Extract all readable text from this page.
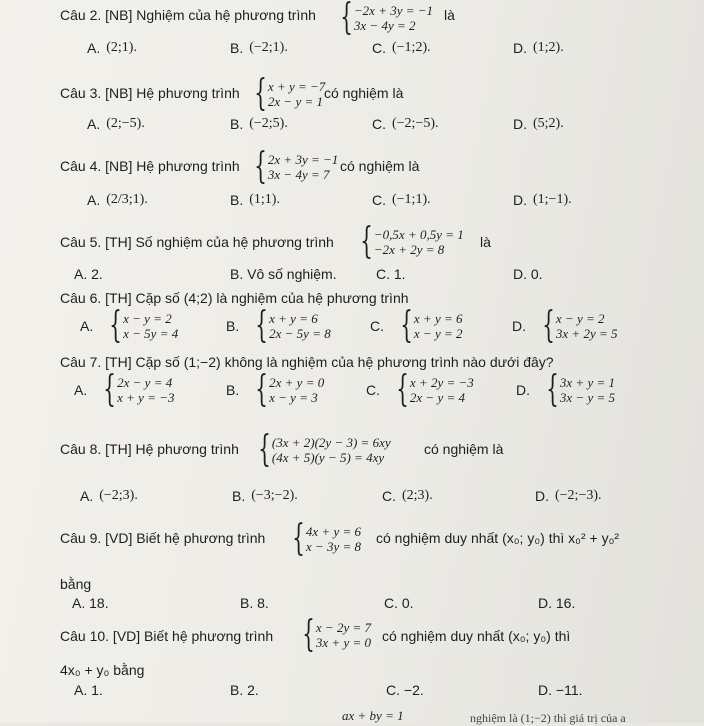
Câu 2. [NB] Nghiệm của hệ phương trình { −2x + 3y = −1
3x − 4y = 2
là
A. (2;1).	B. (−2;1).	C. (−1;2).	D. (1;2).
Câu 3. [NB] Hệ phương trình { x + y = −7
2x − y = 1
có nghiệm là
A. (2;−5).	B. (−2;5).	C. (−2;−5).	D. (5;2).
Câu 4. [NB] Hệ phương trình { 2x + 3y = −1
3x − 4y = 7
có nghiệm là
A. (2/3;1).	B. (1;1).	C. (−1;1).	D. (1;−1).
Câu 5. [TH] Số nghiệm của hệ phương trình { −0,5x + 0,5y = 1
−2x + 2y = 8	là
A. 2.	B. Vô số nghiệm.	C. 1.	D. 0.
Câu 6. [TH] Cặp số (4;2) là nghiệm của hệ phương trình
A. { x − y = 2
x − 5y = 4	B. { x + y = 6
2x − 5y = 8	C. { x + y = 6
x − y = 2	D. { x − y = 2
3x + 2y = 5
Câu 7. [TH] Cặp số (1;−2) không là nghiệm của hệ phương trình nào dưới đây?
A. { 2x − y = 4
x + y = −3	B. { 2x + y = 0
x − y = 3	C. { x + 2y = −3
2x − y = 4	D. { 3x + y = 1
3x − y = 5
Câu 8. [TH] Hệ phương trình { (3x + 2)(2y − 3) = 6xy
(4x + 5)(y − 5) = 4xy
có nghiệm là
A. (−2;3).	B. (−3;−2).	C. (2;3).	D. (−2;−3).
Câu 9. [VD] Biết hệ phương trình { 4x + y = 6
x − 3y = 8
có nghiệm duy nhất (x₀; y₀) thì x₀² + y₀²
bằng
A. 18.	B. 8.	C. 0.	D. 16.
Câu 10. [VD] Biết hệ phương trình { x − 2y = 7
3x + y = 0 có nghiệm duy nhất (x₀; y₀) thì
4x₀ + y₀ bằng
A. 1.	B. 2.	C. −2.	D. −11.
ax + by = 1	nghiệm là (1;−2) thì giá trị của a
